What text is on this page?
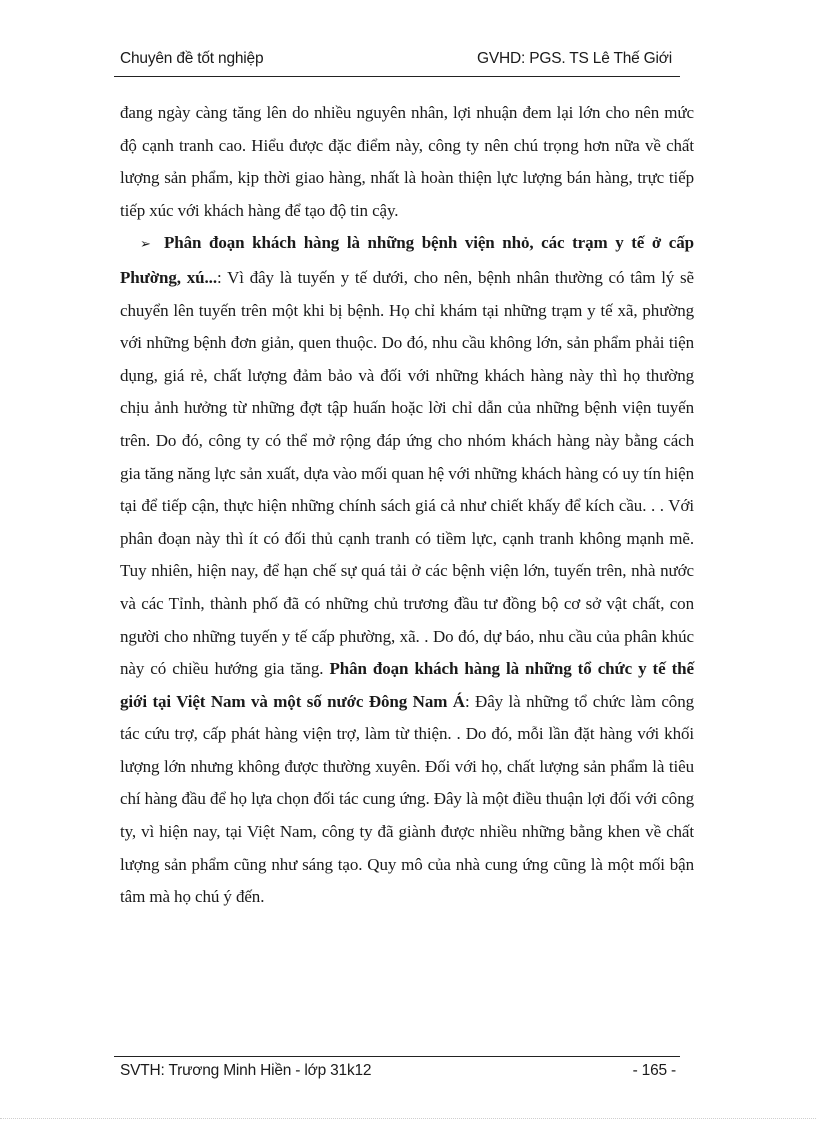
Chuyên đề tốt nghiệp	GVHD: PGS. TS Lê Thế Giới

đang ngày càng tăng lên do nhiều nguyên nhân, lợi nhuận đem lại lớn cho nên mức độ cạnh tranh cao. Hiểu được đặc điểm này, công ty nên chú trọng hơn nữa về chất lượng sản phẩm, kịp thời giao hàng, nhất là hoàn thiện lực lượng bán hàng, trực tiếp tiếp xúc với khách hàng để tạo độ tin cậy.

➢ Phân đoạn khách hàng là những bệnh viện nhỏ, các trạm y tế ở cấp Phường, xú...: Vì đây là tuyến y tế dưới, cho nên, bệnh nhân thường có tâm lý sẽ chuyển lên tuyến trên một khi bị bệnh. Họ chỉ khám tại những trạm y tế xã, phường với những bệnh đơn giản, quen thuộc. Do đó, nhu cầu không lớn, sản phẩm phải tiện dụng, giá rẻ, chất lượng đảm bảo và đối với những khách hàng này thì họ thường chịu ảnh hưởng từ những đợt tập huấn hoặc lời chỉ dẫn của những bệnh viện tuyến trên. Do đó, công ty có thể mở rộng đáp ứng cho nhóm khách hàng này bằng cách gia tăng năng lực sản xuất, dựa vào mối quan hệ với những khách hàng có uy tín hiện tại để tiếp cận, thực hiện những chính sách giá cả như chiết khấy để kích cầu. . . Với phân đoạn này thì ít có đối thủ cạnh tranh có tiềm lực, cạnh tranh không mạnh mẽ. Tuy nhiên, hiện nay, để hạn chế sự quá tải ở các bệnh viện lớn, tuyến trên, nhà nước và các Tỉnh, thành phố đã có những chủ trương đầu tư đồng bộ cơ sở vật chất, con người cho những tuyến y tế cấp phường, xã. . Do đó, dự báo, nhu cầu của phân khúc này có chiều hướng gia tăng. Phân đoạn khách hàng là những tổ chức y tế thế giới tại Việt Nam và một số nước Đông Nam Á: Đây là những tổ chức làm công tác cứu trợ, cấp phát hàng viện trợ, làm từ thiện. . Do đó, mỗi lần đặt hàng với khối lượng lớn nhưng không được thường xuyên. Đối với họ, chất lượng sản phẩm là tiêu chí hàng đầu để họ lựa chọn đối tác cung ứng. Đây là một điều thuận lợi đối với công ty, vì hiện nay, tại Việt Nam, công ty đã giành được nhiều những bằng khen về chất lượng sản phẩm cũng như sáng tạo. Quy mô của nhà cung ứng cũng là một mối bận tâm mà họ chú ý đến.

SVTH: Trương Minh Hiền - lớp 31k12	- 165 -
